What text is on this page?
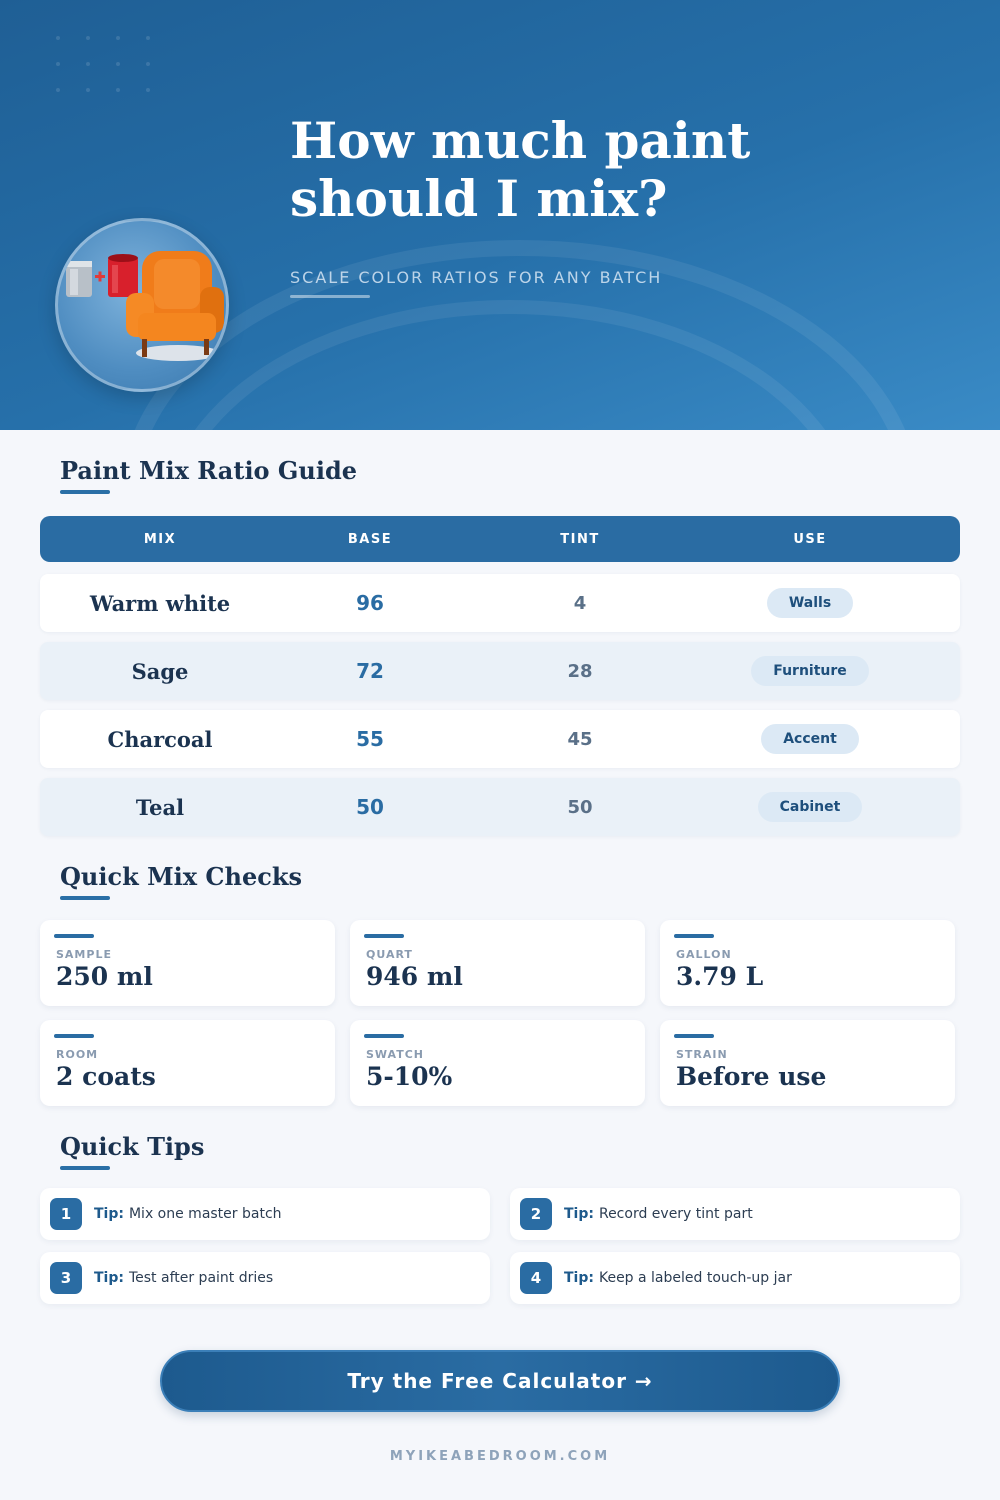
How much paint should I mix?
SCALE COLOR RATIOS FOR ANY BATCH
Paint Mix Ratio Guide
MIX	BASE	TINT	USE
Warm white	96	4	Walls
Sage	72	28	Furniture
Charcoal	55	45	Accent
Teal	50	50	Cabinet
Quick Mix Checks
SAMPLE
250 ml
QUART
946 ml
GALLON
3.79 L
ROOM
2 coats
SWATCH
5-10%
STRAIN
Before use
Quick Tips
1	Tip: Mix one master batch	2	Tip: Record every tint part
3	Tip: Test after paint dries	4	Tip: Keep a labeled touch-up jar
Try the Free Calculator →
MYIKEABEDROOM.COM
